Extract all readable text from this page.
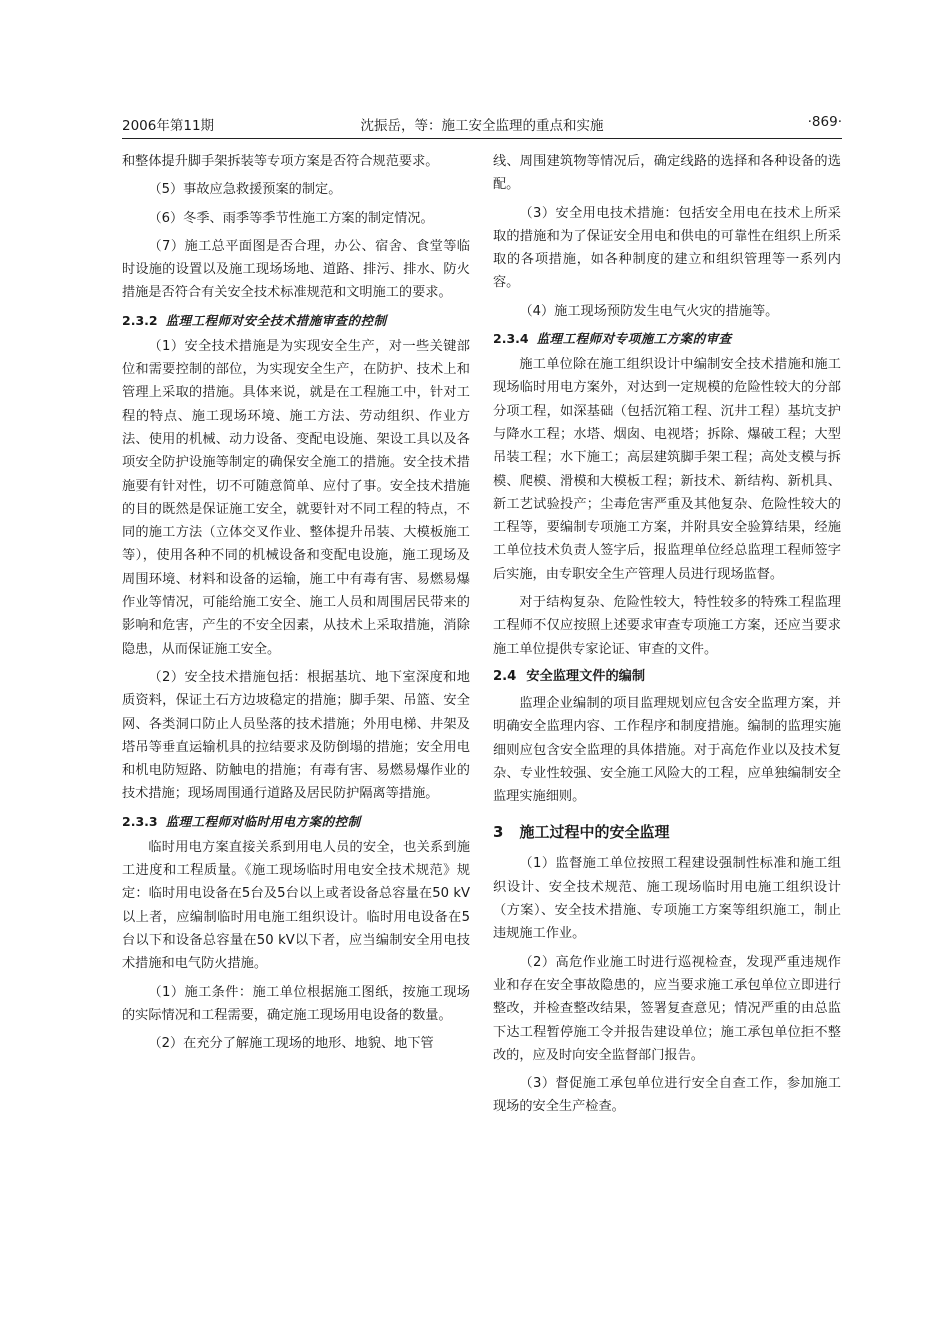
2006年第11期	沈振岳，等：施工安全监理的重点和实施	·869·

和整体提升脚手架拆装等专项方案是否符合规范要求。

（5）事故应急救援预案的制定。

（6）冬季、雨季等季节性施工方案的制定情况。

（7）施工总平面图是否合理，办公、宿舍、食堂等临时设施的设置以及施工现场场地、道路、排污、排水、防火措施是否符合有关安全技术标准规范和文明施工的要求。

2.3.2 监理工程师对安全技术措施审查的控制

（1）安全技术措施是为实现安全生产，对一些关键部位和需要控制的部位，为实现安全生产，在防护、技术上和管理上采取的措施。具体来说，就是在工程施工中，针对工程的特点、施工现场环境、施工方法、劳动组织、作业方法、使用的机械、动力设备、变配电设施、架设工具以及各项安全防护设施等制定的确保安全施工的措施。安全技术措施要有针对性，切不可随意简单、应付了事。安全技术措施的目的既然是保证施工安全，就要针对不同工程的特点，不同的施工方法（立体交叉作业、整体提升吊装、大模板施工等），使用各种不同的机械设备和变配电设施，施工现场及周围环境、材料和设备的运输，施工中有毒有害、易燃易爆作业等情况，可能给施工安全、施工人员和周围居民带来的影响和危害，产生的不安全因素，从技术上采取措施，消除隐患，从而保证施工安全。

（2）安全技术措施包括：根据基坑、地下室深度和地质资料，保证土石方边坡稳定的措施；脚手架、吊篮、安全网、各类洞口防止人员坠落的技术措施；外用电梯、井架及塔吊等垂直运输机具的拉结要求及防倒塌的措施；安全用电和机电防短路、防触电的措施；有毒有害、易燃易爆作业的技术措施；现场周围通行道路及居民防护隔离等措施。

2.3.3 监理工程师对临时用电方案的控制

临时用电方案直接关系到用电人员的安全，也关系到施工进度和工程质量。《施工现场临时用电安全技术规范》规定：临时用电设备在5台及5台以上或者设备总容量在50 kV以上者，应编制临时用电施工组织设计。临时用电设备在5台以下和设备总容量在50 kV以下者，应当编制安全用电技术措施和电气防火措施。

（1）施工条件：施工单位根据施工图纸，按施工现场的实际情况和工程需要，确定施工现场用电设备的数量。

（2）在充分了解施工现场的地形、地貌、地下管

线、周围建筑物等情况后，确定线路的选择和各种设备的选配。

（3）安全用电技术措施：包括安全用电在技术上所采取的措施和为了保证安全用电和供电的可靠性在组织上所采取的各项措施，如各种制度的建立和组织管理等一系列内容。

（4）施工现场预防发生电气火灾的措施等。

2.3.4 监理工程师对专项施工方案的审查

施工单位除在施工组织设计中编制安全技术措施和施工现场临时用电方案外，对达到一定规模的危险性较大的分部分项工程，如深基础（包括沉箱工程、沉井工程）基坑支护与降水工程；水塔、烟囱、电视塔；拆除、爆破工程；大型吊装工程；水下施工；高层建筑脚手架工程；高处支模与拆模、爬模、滑模和大模板工程；新技术、新结构、新机具、新工艺试验投产；尘毒危害严重及其他复杂、危险性较大的工程等，要编制专项施工方案，并附具安全验算结果，经施工单位技术负责人签字后，报监理单位经总监理工程师签字后实施，由专职安全生产管理人员进行现场监督。

对于结构复杂、危险性较大，特性较多的特殊工程监理工程师不仅应按照上述要求审查专项施工方案，还应当要求施工单位提供专家论证、审查的文件。

2.4 安全监理文件的编制

监理企业编制的项目监理规划应包含安全监理方案，并明确安全监理内容、工作程序和制度措施。编制的监理实施细则应包含安全监理的具体措施。对于高危作业以及技术复杂、专业性较强、安全施工风险大的工程，应单独编制安全监理实施细则。

3 施工过程中的安全监理

（1）监督施工单位按照工程建设强制性标准和施工组织设计、安全技术规范、施工现场临时用电施工组织设计（方案）、安全技术措施、专项施工方案等组织施工，制止违规施工作业。

（2）高危作业施工时进行巡视检查，发现严重违规作业和存在安全事故隐患的，应当要求施工承包单位立即进行整改，并检查整改结果，签署复查意见；情况严重的由总监下达工程暂停施工令并报告建设单位；施工承包单位拒不整改的，应及时向安全监督部门报告。

（3）督促施工承包单位进行安全自查工作，参加施工现场的安全生产检查。
